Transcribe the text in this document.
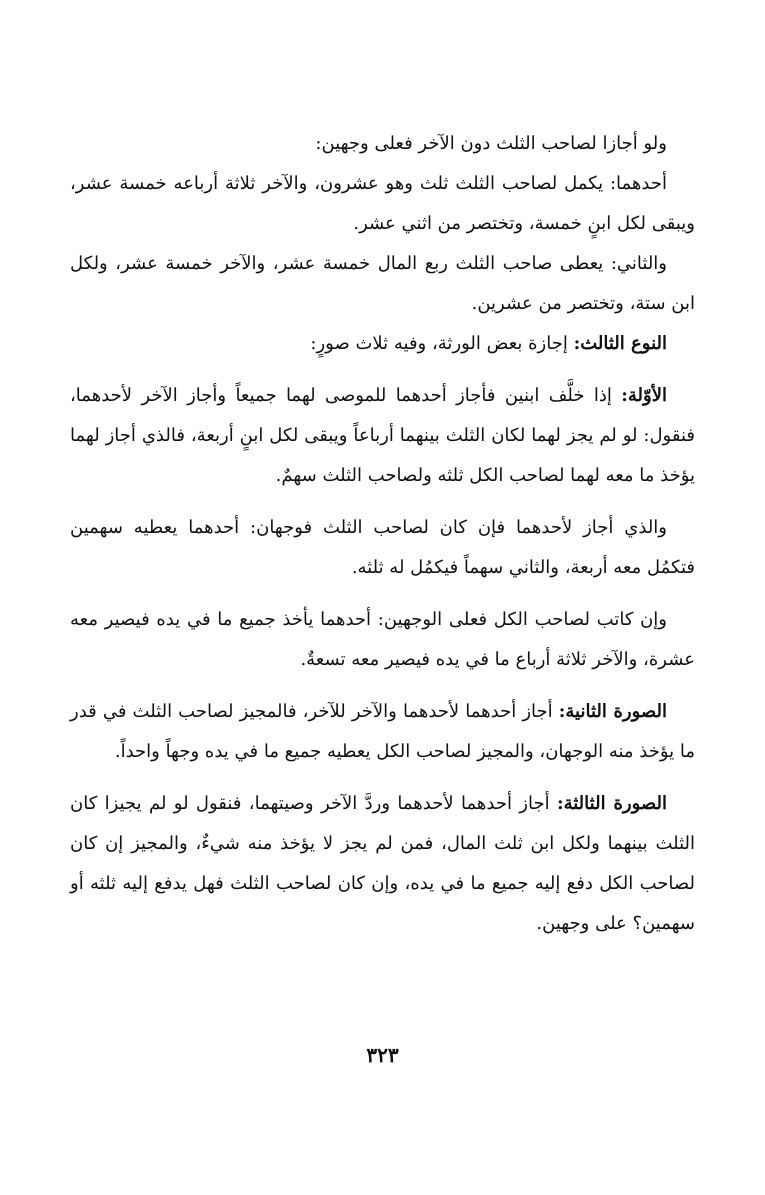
ولو أجازا لصاحب الثلث دون الآخر فعلى وجهين:

أحدهما: يكمل لصاحب الثلث ثلث وهو عشرون، والآخر ثلاثة أرباعه خمسة عشر، ويبقى لكل ابنٍ خمسة، وتختصر من اثني عشر.

والثاني: يعطى صاحب الثلث ربع المال خمسة عشر، والآخر خمسة عشر، ولكل ابن ستة، وتختصر من عشرين.

النوع الثالث: إجازة بعض الورثة، وفيه ثلاث صورٍ:

الأوّلة: إذا خلَّف ابنين فأجاز أحدهما للموصى لهما جميعاً وأجاز الآخر لأحدهما، فنقول: لو لم يجز لهما لكان الثلث بينهما أرباعاً ويبقى لكل ابنٍ أربعة، فالذي أجاز لهما يؤخذ ما معه لهما لصاحب الكل ثلثه ولصاحب الثلث سهمٌ.

والذي أجاز لأحدهما فإن كان لصاحب الثلث فوجهان: أحدهما يعطيه سهمين فتكمُل معه أربعة، والثاني سهماً فيكمُل له ثلثه.

وإن كاتب لصاحب الكل فعلى الوجهين: أحدهما يأخذ جميع ما في يده فيصير معه عشرة، والآخر ثلاثة أرباع ما في يده فيصير معه تسعةٌ.

الصورة الثانية: أجاز أحدهما لأحدهما والآخر للآخر، فالمجيز لصاحب الثلث في قدر ما يؤخذ منه الوجهان، والمجيز لصاحب الكل يعطيه جميع ما في يده وجهاً واحداً.

الصورة الثالثة: أجاز أحدهما لأحدهما وردَّ الآخر وصيتهما، فنقول لو لم يجيزا كان الثلث بينهما ولكل ابن ثلث المال، فمن لم يجز لا يؤخذ منه شيءٌ، والمجيز إن كان لصاحب الكل دفع إليه جميع ما في يده، وإن كان لصاحب الثلث فهل يدفع إليه ثلثه أو سهمين؟ على وجهين.

٣٢٣
